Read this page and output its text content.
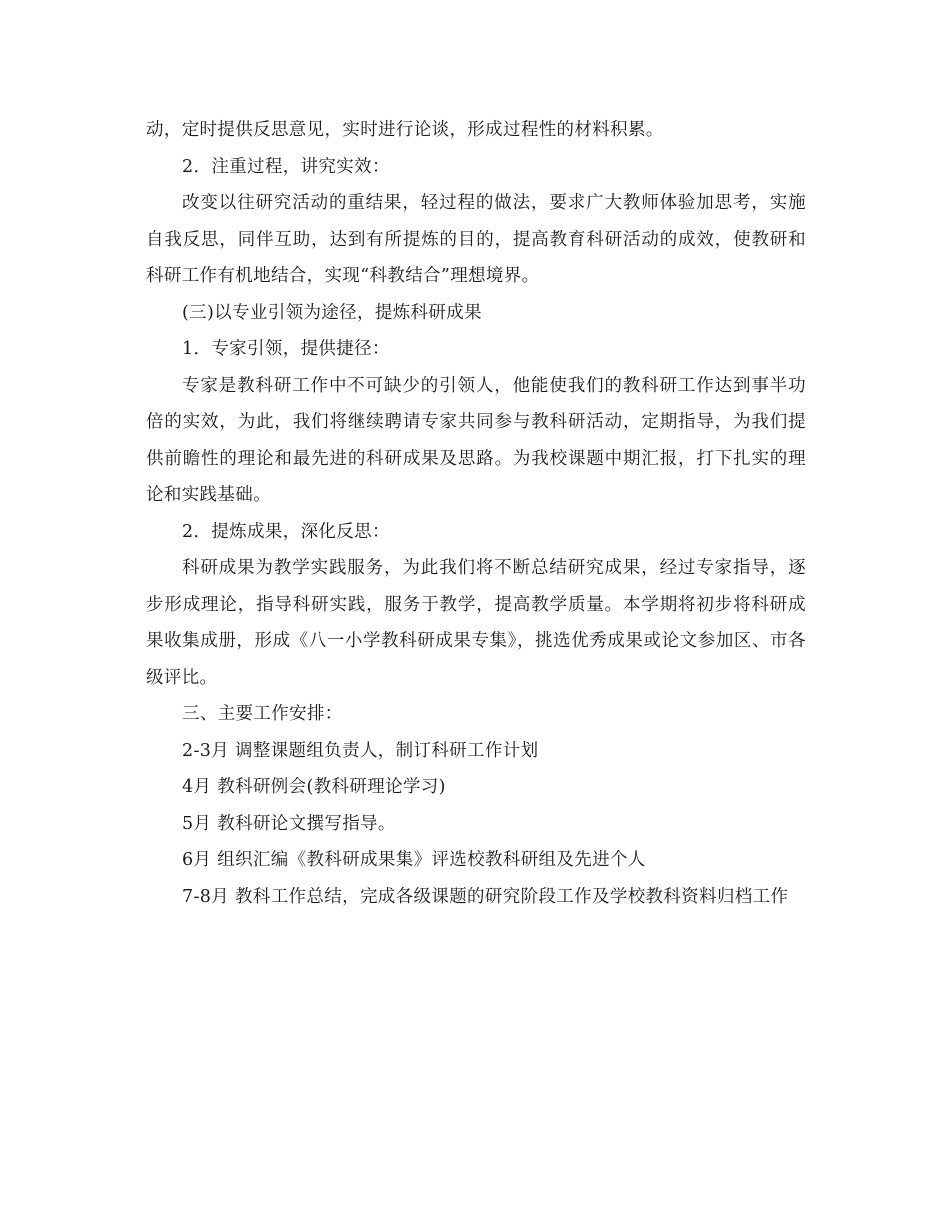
动，定时提供反思意见，实时进行论谈，形成过程性的材料积累。

2．注重过程，讲究实效：

改变以往研究活动的重结果，轻过程的做法，要求广大教师体验加思考，实施自我反思，同伴互助，达到有所提炼的目的，提高教育科研活动的成效，使教研和科研工作有机地结合，实现“科教结合”理想境界。

(三)以专业引领为途径，提炼科研成果

1．专家引领，提供捷径：

专家是教科研工作中不可缺少的引领人，他能使我们的教科研工作达到事半功倍的实效，为此，我们将继续聘请专家共同参与教科研活动，定期指导，为我们提供前瞻性的理论和最先进的科研成果及思路。为我校课题中期汇报，打下扎实的理论和实践基础。

2．提炼成果，深化反思：

科研成果为教学实践服务，为此我们将不断总结研究成果，经过专家指导，逐步形成理论，指导科研实践，服务于教学，提高教学质量。本学期将初步将科研成果收集成册，形成《八一小学教科研成果专集》，挑选优秀成果或论文参加区、市各级评比。

三、主要工作安排：

2-3月 调整课题组负责人，制订科研工作计划

4月 教科研例会(教科研理论学习)

5月 教科研论文撰写指导。

6月 组织汇编《教科研成果集》评选校教科研组及先进个人

7-8月 教科工作总结，完成各级课题的研究阶段工作及学校教科资料归档工作
